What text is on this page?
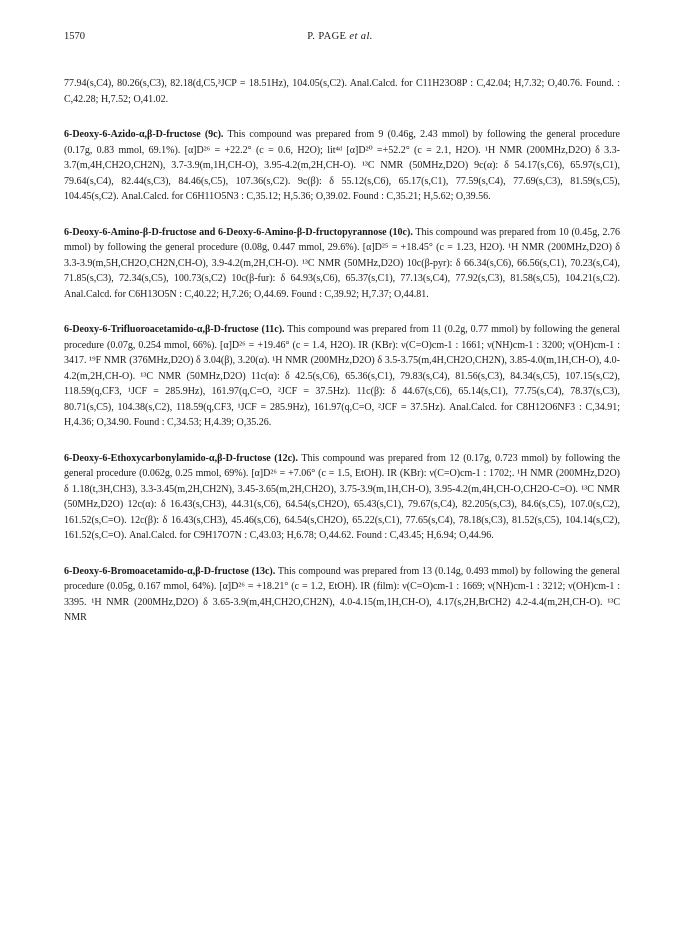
1570	P. PAGE et al.

77.94(s,C4), 80.26(s,C3), 82.18(d,C5,³JCP = 18.51Hz), 104.05(s,C2). Anal.Calcd. for C11H23O8P : C,42.04; H,7.32; O,40.76. Found. : C,42.28; H,7.52; O,41.02.

6-Deoxy-6-Azido-α,β-D-fructose (9c). This compound was prepared from 9 (0.46g, 2.43 mmol) by following the general procedure (0.17g, 0.83 mmol, 69.1%). [α]D²⁶ = +22.2° (c = 0.6, H2O); lit⁴ᵈ [α]D²⁰ =+52.2° (c = 2.1, H2O). ¹H NMR (200MHz,D2O) δ 3.3-3.7(m,4H,CH2O,CH2N), 3.7-3.9(m,1H,CH-O), 3.95-4.2(m,2H,CH-O). ¹³C NMR (50MHz,D2O) 9c(α): δ 54.17(s,C6), 65.97(s,C1), 79.64(s,C4), 82.44(s,C3), 84.46(s,C5), 107.36(s,C2). 9c(β): δ 55.12(s,C6), 65.17(s,C1), 77.59(s,C4), 77.69(s,C3), 81.59(s,C5), 104.45(s,C2). Anal.Calcd. for C6H11O5N3 : C,35.12; H,5.36; O,39.02. Found : C,35.21; H,5.62; O,39.56.

6-Deoxy-6-Amino-β-D-fructose and 6-Deoxy-6-Amino-β-D-fructopyrannose (10c). This compound was prepared from 10 (0.45g, 2.76 mmol) by following the general procedure (0.08g, 0.447 mmol, 29.6%). [α]D²⁵ = +18.45° (c = 1.23, H2O). ¹H NMR (200MHz,D2O) δ 3.3-3.9(m,5H,CH2O,CH2N,CH-O), 3.9-4.2(m,2H,CH-O). ¹³C NMR (50MHz,D2O) 10c(β-pyr): δ 66.34(s,C6), 66.56(s,C1), 70.23(s,C4), 71.85(s,C3), 72.34(s,C5), 100.73(s,C2) 10c(β-fur): δ 64.93(s,C6), 65.37(s,C1), 77.13(s,C4), 77.92(s,C3), 81.58(s,C5), 104.21(s,C2). Anal.Calcd. for C6H13O5N : C,40.22; H,7.26; O,44.69. Found : C,39.92; H,7.37; O,44.81.

6-Deoxy-6-Trifluoroacetamido-α,β-D-fructose (11c). This compound was prepared from 11 (0.2g, 0.77 mmol) by following the general procedure (0.07g, 0.254 mmol, 66%). [α]D²⁶ = +19.46° (c = 1.4, H2O). IR (KBr): ν(C=O)cm-1 : 1661; ν(NH)cm-1 : 3200; ν(OH)cm-1 : 3417. ¹⁹F NMR (376MHz,D2O) δ 3.04(β), 3.20(α). ¹H NMR (200MHz,D2O) δ 3.5-3.75(m,4H,CH2O,CH2N), 3.85-4.0(m,1H,CH-O), 4.0-4.2(m,2H,CH-O). ¹³C NMR (50MHz,D2O) 11c(α): δ 42.5(s,C6), 65.36(s,C1), 79.83(s,C4), 81.56(s,C3), 84.34(s,C5), 107.15(s,C2), 118.59(q,CF3, ¹JCF = 285.9Hz), 161.97(q,C=O, ²JCF = 37.5Hz). 11c(β): δ 44.67(s,C6), 65.14(s,C1), 77.75(s,C4), 78.37(s,C3), 80.71(s,C5), 104.38(s,C2), 118.59(q,CF3, ¹JCF = 285.9Hz), 161.97(q,C=O, ²JCF = 37.5Hz). Anal.Calcd. for C8H12O6NF3 : C,34.91; H,4.36; O,34.90. Found : C,34.53; H,4.39; O,35.26.

6-Deoxy-6-Ethoxycarbonylamido-α,β-D-fructose (12c). This compound was prepared from 12 (0.17g, 0.723 mmol) by following the general procedure (0.062g, 0.25 mmol, 69%). [α]D²⁶ = +7.06° (c = 1.5, EtOH). IR (KBr): ν(C=O)cm-1 : 1702;. ¹H NMR (200MHz,D2O) δ 1.18(t,3H,CH3), 3.3-3.45(m,2H,CH2N), 3.45-3.65(m,2H,CH2O), 3.75-3.9(m,1H,CH-O), 3.95-4.2(m,4H,CH-O,CH2O-C=O). ¹³C NMR (50MHz,D2O) 12c(α): δ 16.43(s,CH3), 44.31(s,C6), 64.54(s,CH2O), 65.43(s,C1), 79.67(s,C4), 82.205(s,C3), 84.6(s,C5), 107.0(s,C2), 161.52(s,C=O). 12c(β): δ 16.43(s,CH3), 45.46(s,C6), 64.54(s,CH2O), 65.22(s,C1), 77.65(s,C4), 78.18(s,C3), 81.52(s,C5), 104.14(s,C2), 161.52(s,C=O). Anal.Calcd. for C9H17O7N : C,43.03; H,6.78; O,44.62. Found : C,43.45; H,6.94; O,44.96.

6-Deoxy-6-Bromoacetamido-α,β-D-fructose (13c). This compound was prepared from 13 (0.14g, 0.493 mmol) by following the general procedure (0.05g, 0.167 mmol, 64%). [α]D²⁶ = +18.21° (c = 1.2, EtOH). IR (film): ν(C=O)cm-1 : 1669; ν(NH)cm-1 : 3212; ν(OH)cm-1 : 3395. ¹H NMR (200MHz,D2O) δ 3.65-3.9(m,4H,CH2O,CH2N), 4.0-4.15(m,1H,CH-O), 4.17(s,2H,BrCH2) 4.2-4.4(m,2H,CH-O). ¹³C NMR
